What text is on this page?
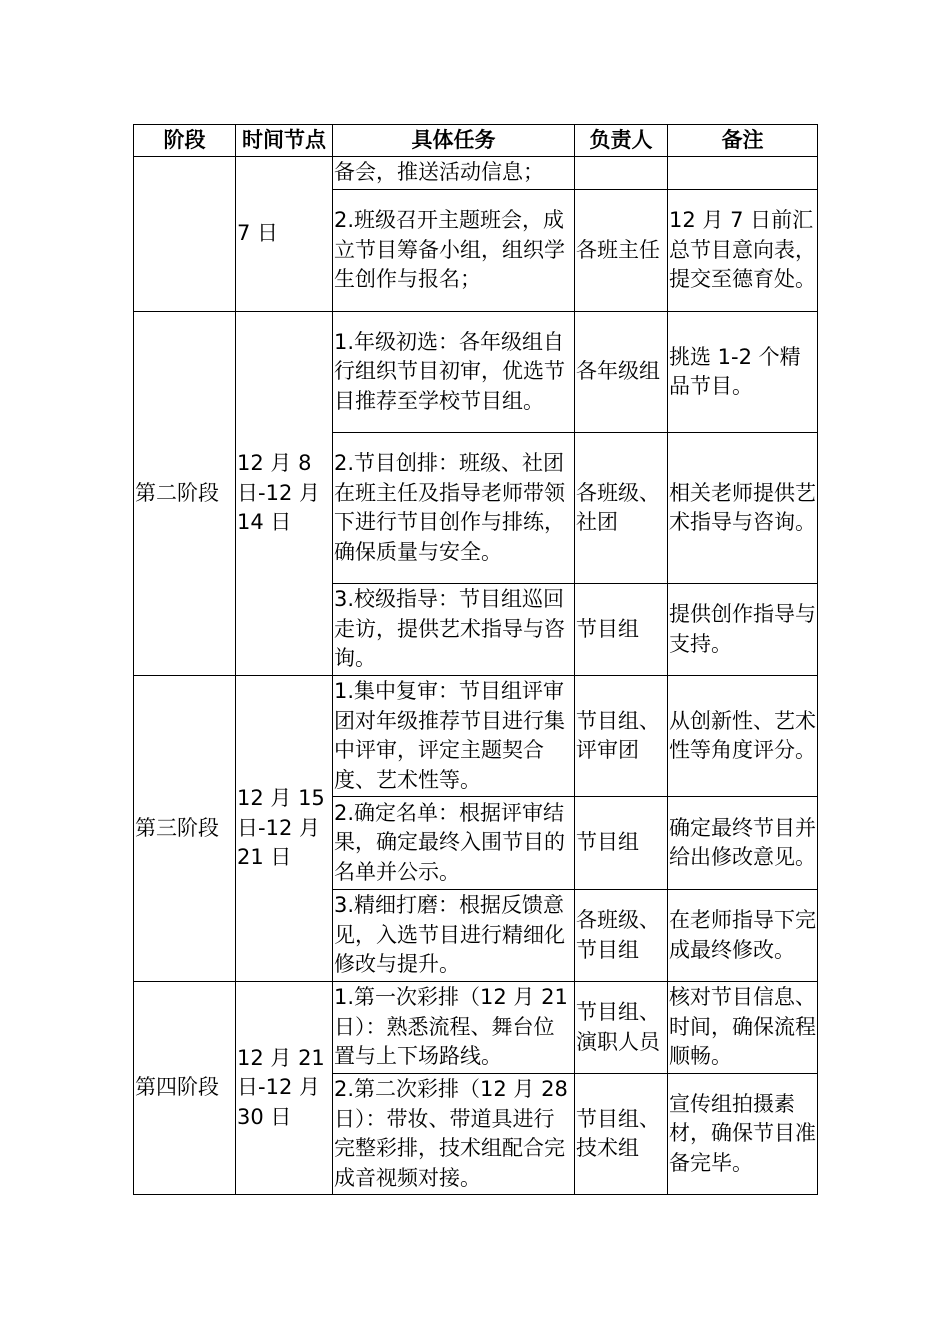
阶段	时间节点	具体任务	负责人	备注
	7 日	备会，推送活动信息；		
		2.班级召开主题班会，成立节目筹备小组，组织学生创作与报名；	各班主任	12 月 7 日前汇总节目意向表，提交至德育处。
第二阶段	12 月 8 日-12 月 14 日	1.年级初选：各年级组自行组织节目初审，优选节目推荐至学校节目组。	各年级组	挑选 1-2 个精品节目。
		2.节目创排：班级、社团在班主任及指导老师带领下进行节目创作与排练，确保质量与安全。	各班级、社团	相关老师提供艺术指导与咨询。
		3.校级指导：节目组巡回走访，提供艺术指导与咨询。	节目组	提供创作指导与支持。
第三阶段	12 月 15 日-12 月 21 日	1.集中复审：节目组评审团对年级推荐节目进行集中评审，评定主题契合度、艺术性等。	节目组、评审团	从创新性、艺术性等角度评分。
		2.确定名单：根据评审结果，确定最终入围节目的名单并公示。	节目组	确定最终节目并给出修改意见。
		3.精细打磨：根据反馈意见，入选节目进行精细化修改与提升。	各班级、节目组	在老师指导下完成最终修改。
第四阶段	12 月 21 日-12 月 30 日	1.第一次彩排（12 月 21 日）：熟悉流程、舞台位置与上下场路线。	节目组、演职人员	核对节目信息、时间，确保流程顺畅。
		2.第二次彩排（12 月 28 日）：带妆、带道具进行完整彩排，技术组配合完成音视频对接。	节目组、技术组	宣传组拍摄素材，确保节目准备完毕。
